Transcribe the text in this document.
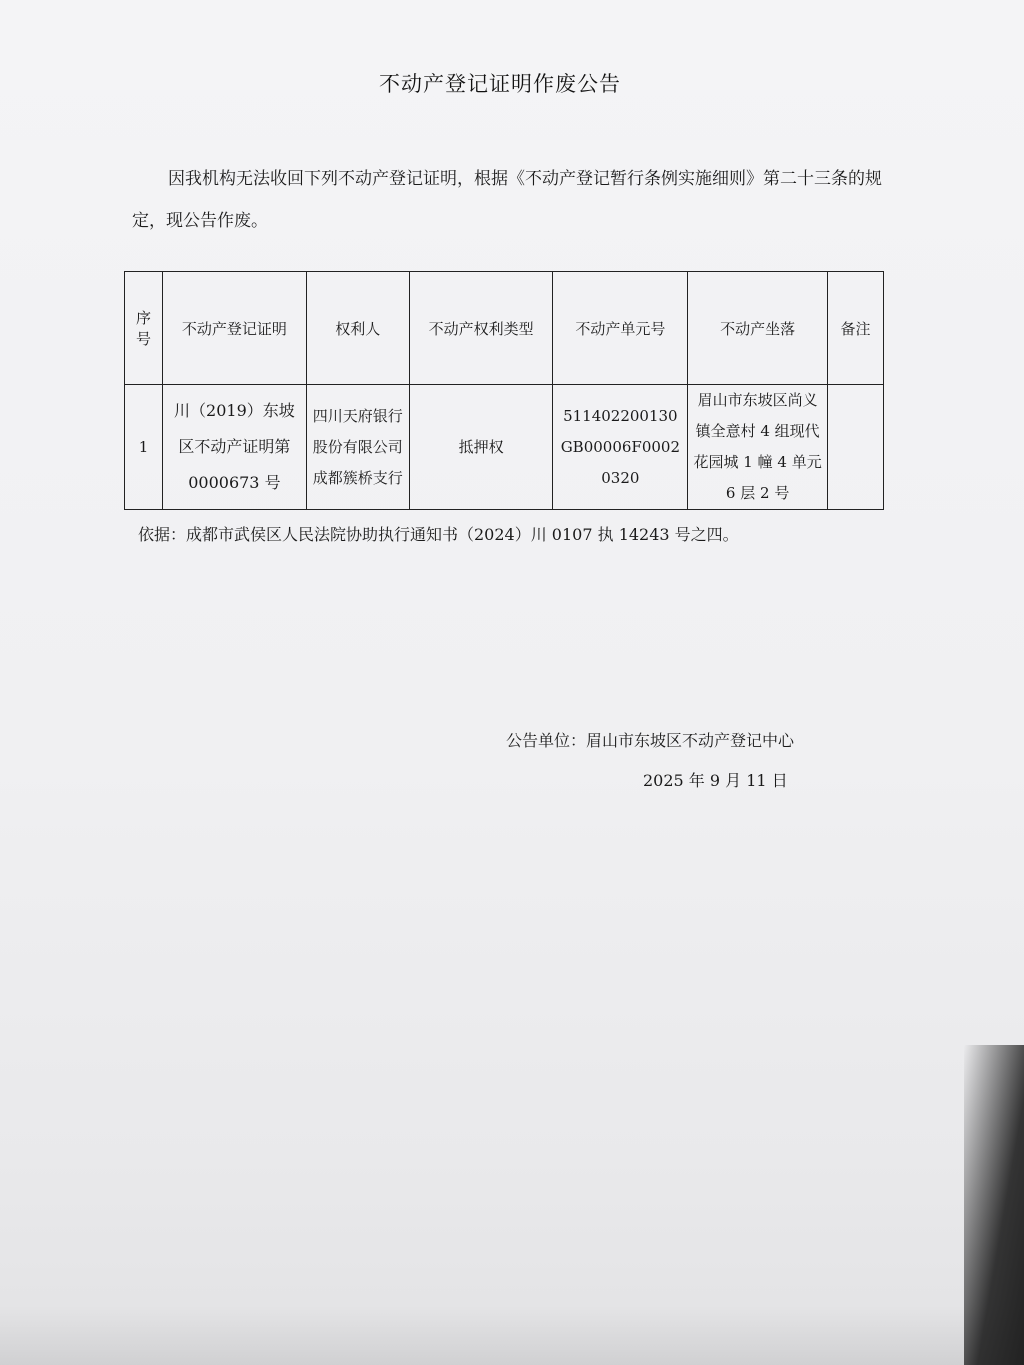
不动产登记证明作废公告
因我机构无法收回下列不动产登记证明，根据《不动产登记暂行条例实施细则》第二十三条的规定，现公告作废。
序号	不动产登记证明	权利人	不动产权利类型	不动产单元号	不动产坐落	备注
1	川（2019）东坡区不动产证明第 0000673 号	四川天府银行股份有限公司成都簇桥支行	抵押权	511402200130GB00006F00020320	眉山市东坡区尚义镇全意村 4 组现代花园城 1 幢 4 单元 6 层 2 号	
依据：成都市武侯区人民法院协助执行通知书（2024）川 0107 执 14243 号之四。
公告单位：眉山市东坡区不动产登记中心
2025 年 9 月 11 日
